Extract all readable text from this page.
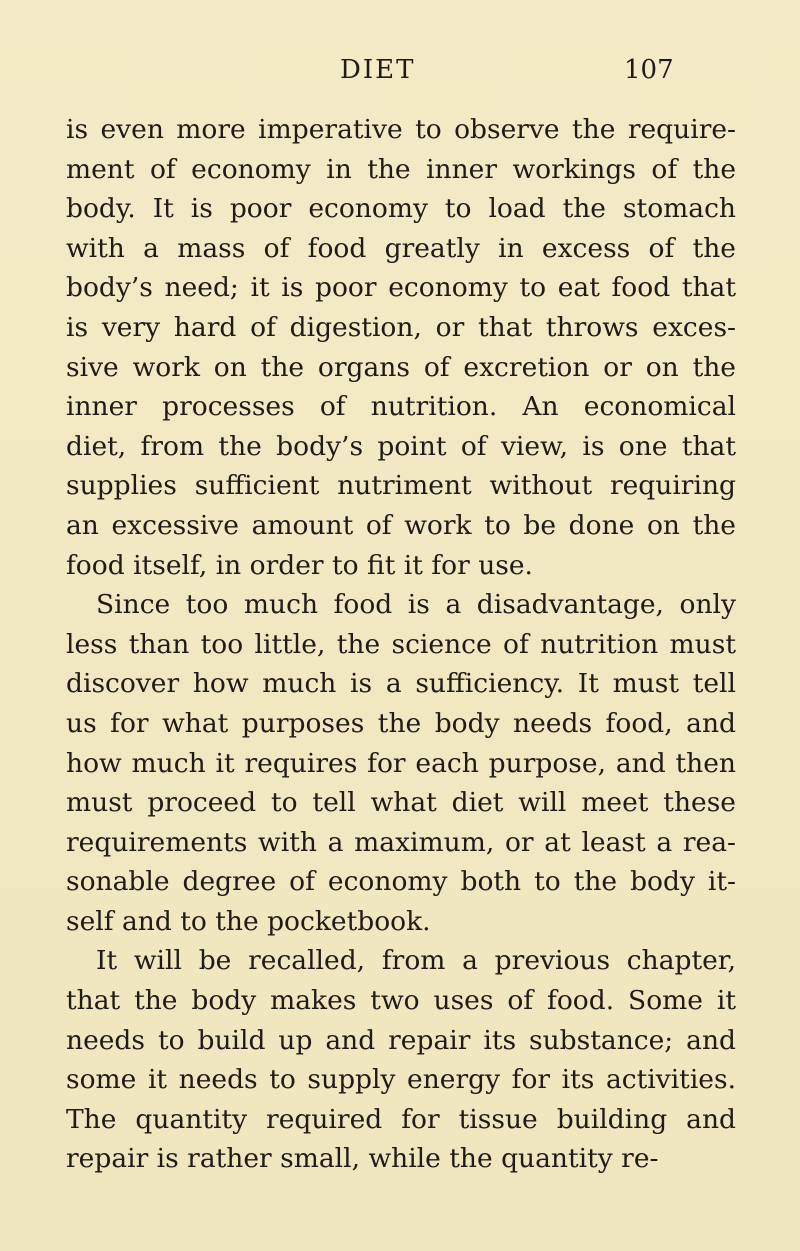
DIET	107
is even more imperative to observe the require-
ment of economy in the inner workings of the
body. It is poor economy to load the stomach
with a mass of food greatly in excess of the
body’s need; it is poor economy to eat food that
is very hard of digestion, or that throws exces-
sive work on the organs of excretion or on the
inner processes of nutrition. An economical
diet, from the body’s point of view, is one that
supplies sufficient nutriment without requiring
an excessive amount of work to be done on the
food itself, in order to fit it for use.
Since too much food is a disadvantage, only
less than too little, the science of nutrition must
discover how much is a sufficiency. It must tell
us for what purposes the body needs food, and
how much it requires for each purpose, and then
must proceed to tell what diet will meet these
requirements with a maximum, or at least a rea-
sonable degree of economy both to the body it-
self and to the pocketbook.
It will be recalled, from a previous chapter,
that the body makes two uses of food. Some it
needs to build up and repair its substance; and
some it needs to supply energy for its activities.
The quantity required for tissue building and
repair is rather small, while the quantity re-
